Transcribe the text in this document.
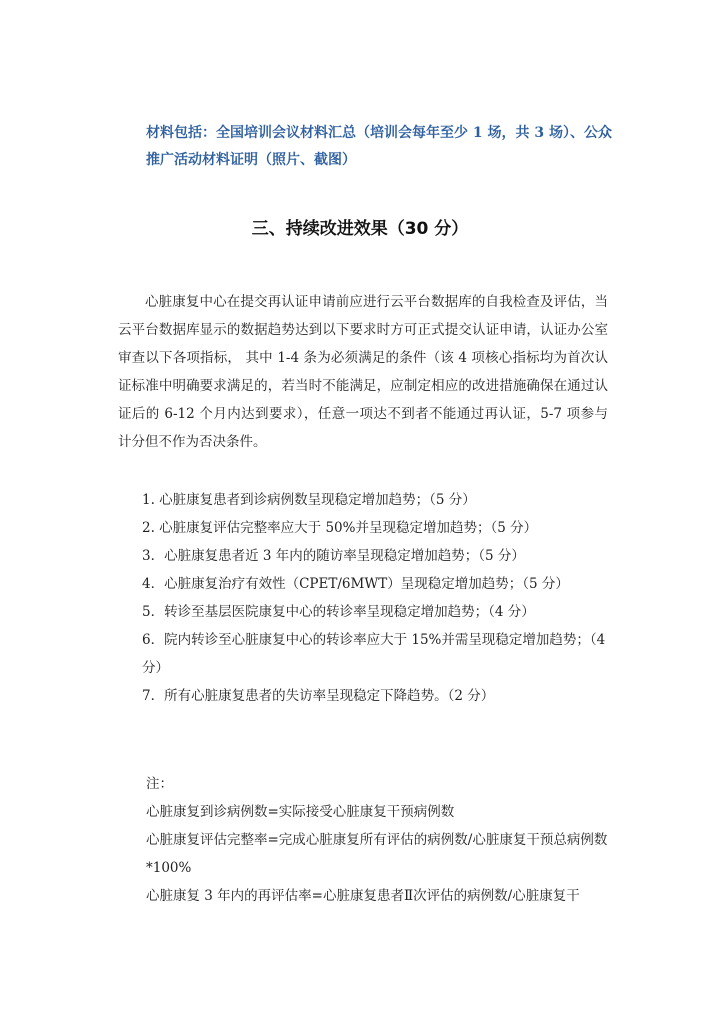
材料包括：全国培训会议材料汇总（培训会每年至少 1 场，共 3 场）、公众推广活动材料证明（照片、截图）
三、持续改进效果（30 分）

心脏康复中心在提交再认证申请前应进行云平台数据库的自我检查及评估，当云平台数据库显示的数据趋势达到以下要求时方可正式提交认证申请，认证办公室审查以下各项指标， 其中 1-4 条为必须满足的条件（该 4 项核心指标均为首次认证标准中明确要求满足的，若当时不能满足，应制定相应的改进措施确保在通过认证后的 6-12 个月内达到要求），任意一项达不到者不能通过再认证，5-7 项参与计分但不作为否决条件。

1. 心脏康复患者到诊病例数呈现稳定增加趋势；（5 分）
2. 心脏康复评估完整率应大于 50%并呈现稳定增加趋势；（5 分）
3．心脏康复患者近 3 年内的随访率呈现稳定增加趋势；（5 分）
4．心脏康复治疗有效性（CPET/6MWT）呈现稳定增加趋势；（5 分）
5．转诊至基层医院康复中心的转诊率呈现稳定增加趋势；（4 分）
6．院内转诊至心脏康复中心的转诊率应大于 15%并需呈现稳定增加趋势；（4 分）
7．所有心脏康复患者的失访率呈现稳定下降趋势。（2 分）
注：
心脏康复到诊病例数=实际接受心脏康复干预病例数
心脏康复评估完整率=完成心脏康复所有评估的病例数/心脏康复干预总病例数*100%
心脏康复 3 年内的再评估率=心脏康复患者Ⅱ次评估的病例数/心脏康复干
